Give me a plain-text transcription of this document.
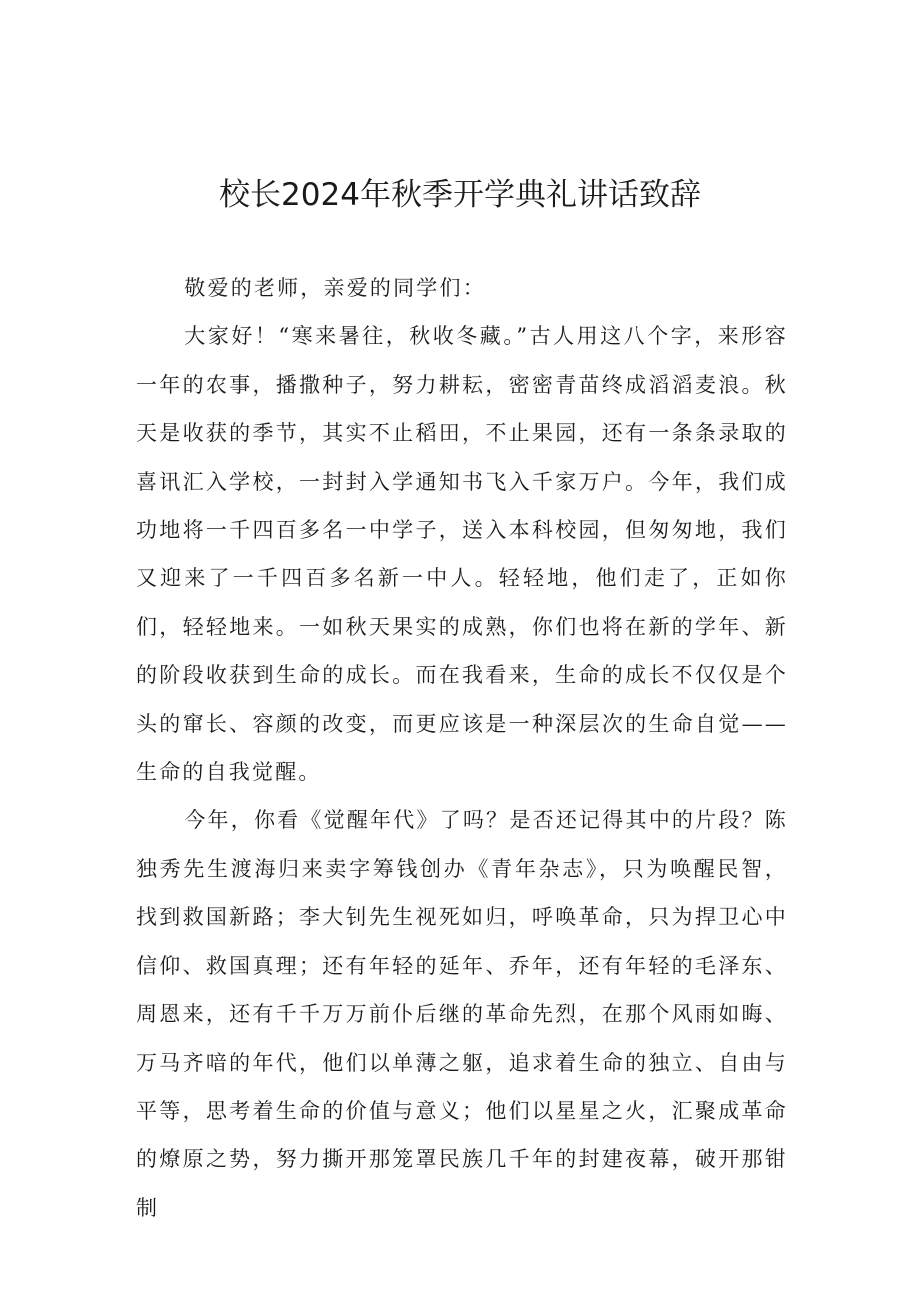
校长2024年秋季开学典礼讲话致辞

敬爱的老师，亲爱的同学们：

大家好！“寒来暑往，秋收冬藏。”古人用这八个字，来形容一年的农事，播撒种子，努力耕耘，密密青苗终成滔滔麦浪。秋天是收获的季节，其实不止稻田，不止果园，还有一条条录取的喜讯汇入学校，一封封入学通知书飞入千家万户。今年，我们成功地将一千四百多名一中学子，送入本科校园，但匆匆地，我们又迎来了一千四百多名新一中人。轻轻地，他们走了，正如你们，轻轻地来。一如秋天果实的成熟，你们也将在新的学年、新的阶段收获到生命的成长。而在我看来，生命的成长不仅仅是个头的窜长、容颜的改变，而更应该是一种深层次的生命自觉——生命的自我觉醒。

今年，你看《觉醒年代》了吗？是否还记得其中的片段？陈独秀先生渡海归来卖字筹钱创办《青年杂志》，只为唤醒民智，找到救国新路；李大钊先生视死如归，呼唤革命，只为捍卫心中信仰、救国真理；还有年轻的延年、乔年，还有年轻的毛泽东、周恩来，还有千千万万前仆后继的革命先烈，在那个风雨如晦、万马齐喑的年代，他们以单薄之躯，追求着生命的独立、自由与平等，思考着生命的价值与意义；他们以星星之火，汇聚成革命的燎原之势，努力撕开那笼罩民族几千年的封建夜幕，破开那钳制
